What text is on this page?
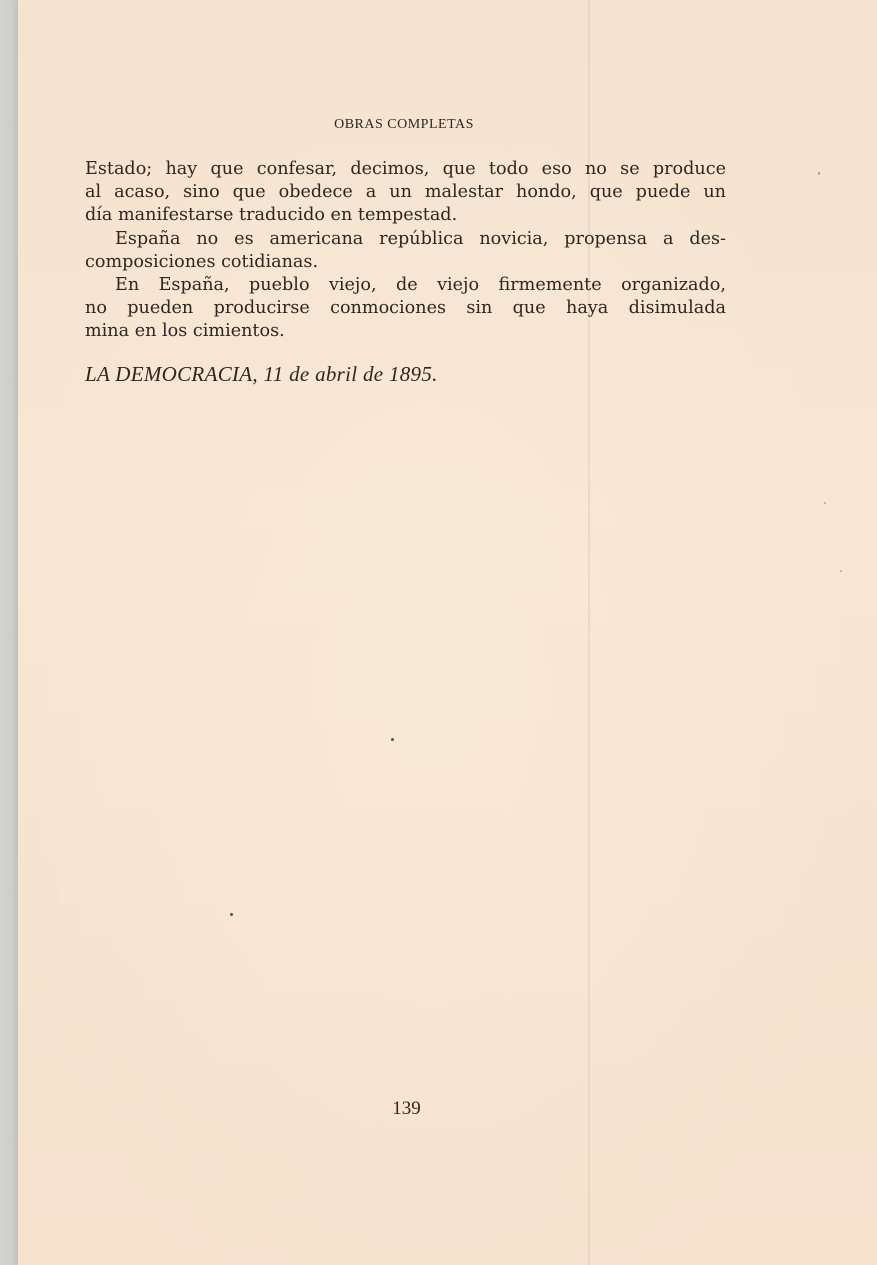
OBRAS COMPLETAS

Estado; hay que confesar, decimos, que todo eso no se produce

al acaso, sino que obedece a un malestar hondo, que puede un

día manifestarse traducido en tempestad.

España no es americana república novicia, propensa a des-

composiciones cotidianas.

En España, pueblo viejo, de viejo firmemente organizado,

no pueden producirse conmociones sin que haya disimulada

mina en los cimientos.

LA DEMOCRACIA, 11 de abril de 1895.
139
